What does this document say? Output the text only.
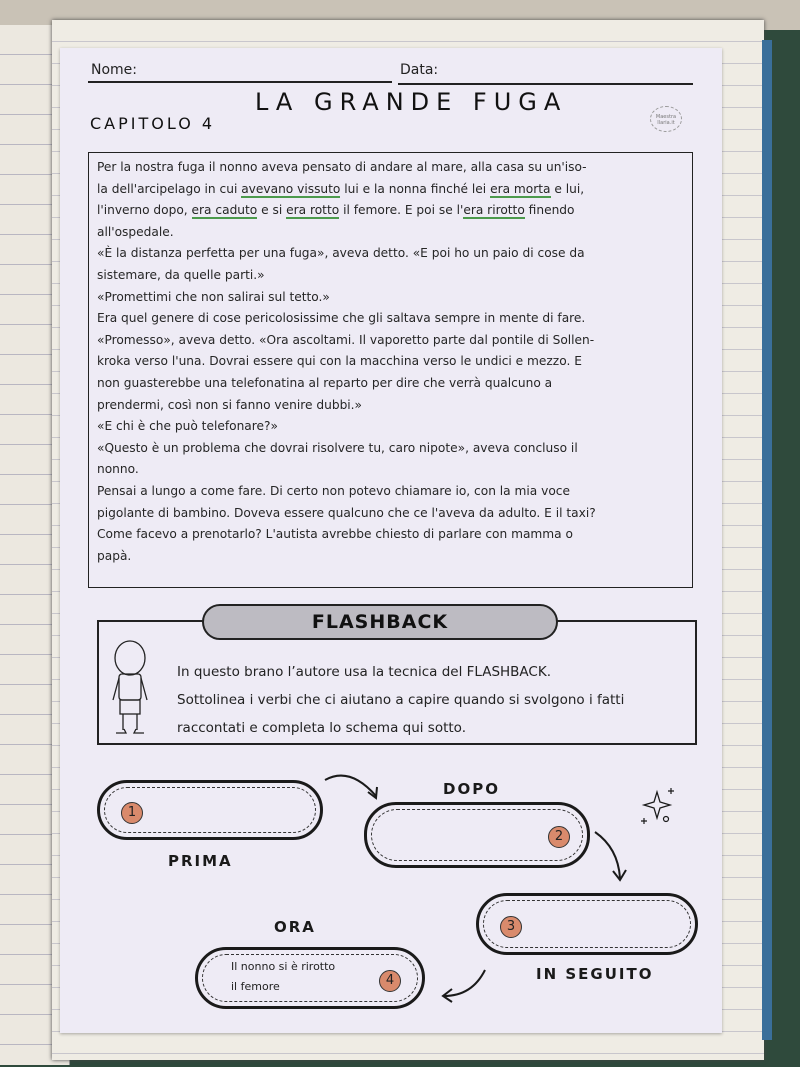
Nome:	Data:
LA GRANDE FUGA
CAPITOLO 4	Maestra
Ilaria.it

Per la nostra fuga il nonno aveva pensato di andare al mare, alla casa su un'iso-

la dell'arcipelago in cui avevano vissuto lui e la nonna finché lei era morta e lui,

l'inverno dopo, era caduto e si era rotto il femore. E poi se l'era rirotto finendo

all'ospedale.

«È la distanza perfetta per una fuga», aveva detto. «E poi ho un paio di cose da

sistemare, da quelle parti.»

«Promettimi che non salirai sul tetto.»

Era quel genere di cose pericolosissime che gli saltava sempre in mente di fare.

«Promesso», aveva detto. «Ora ascoltami. Il vaporetto parte dal pontile di Sollen-

kroka verso l'una. Dovrai essere qui con la macchina verso le undici e mezzo. E

non guasterebbe una telefonatina al reparto per dire che verrà qualcuno a

prendermi, così non si fanno venire dubbi.»

«E chi è che può telefonare?»

«Questo è un problema che dovrai risolvere tu, caro nipote», aveva concluso il

nonno.

Pensai a lungo a come fare. Di certo non potevo chiamare io, con la mia voce

pigolante di bambino. Doveva essere qualcuno che ce l'aveva da adulto. E il taxi?

Come facevo a prenotarlo? L'autista avrebbe chiesto di parlare con mamma o

papà.

FLASHBACK

In questo brano l’autore usa la tecnica del FLASHBACK.

Sottolinea i verbi che ci aiutano a capire quando si svolgono i fatti

raccontati e completa lo schema qui sotto.

1
PRIMA
DOPO
2
3
IN SEGUITO
ORA
Il nonno si è rirotto
il femore	4
